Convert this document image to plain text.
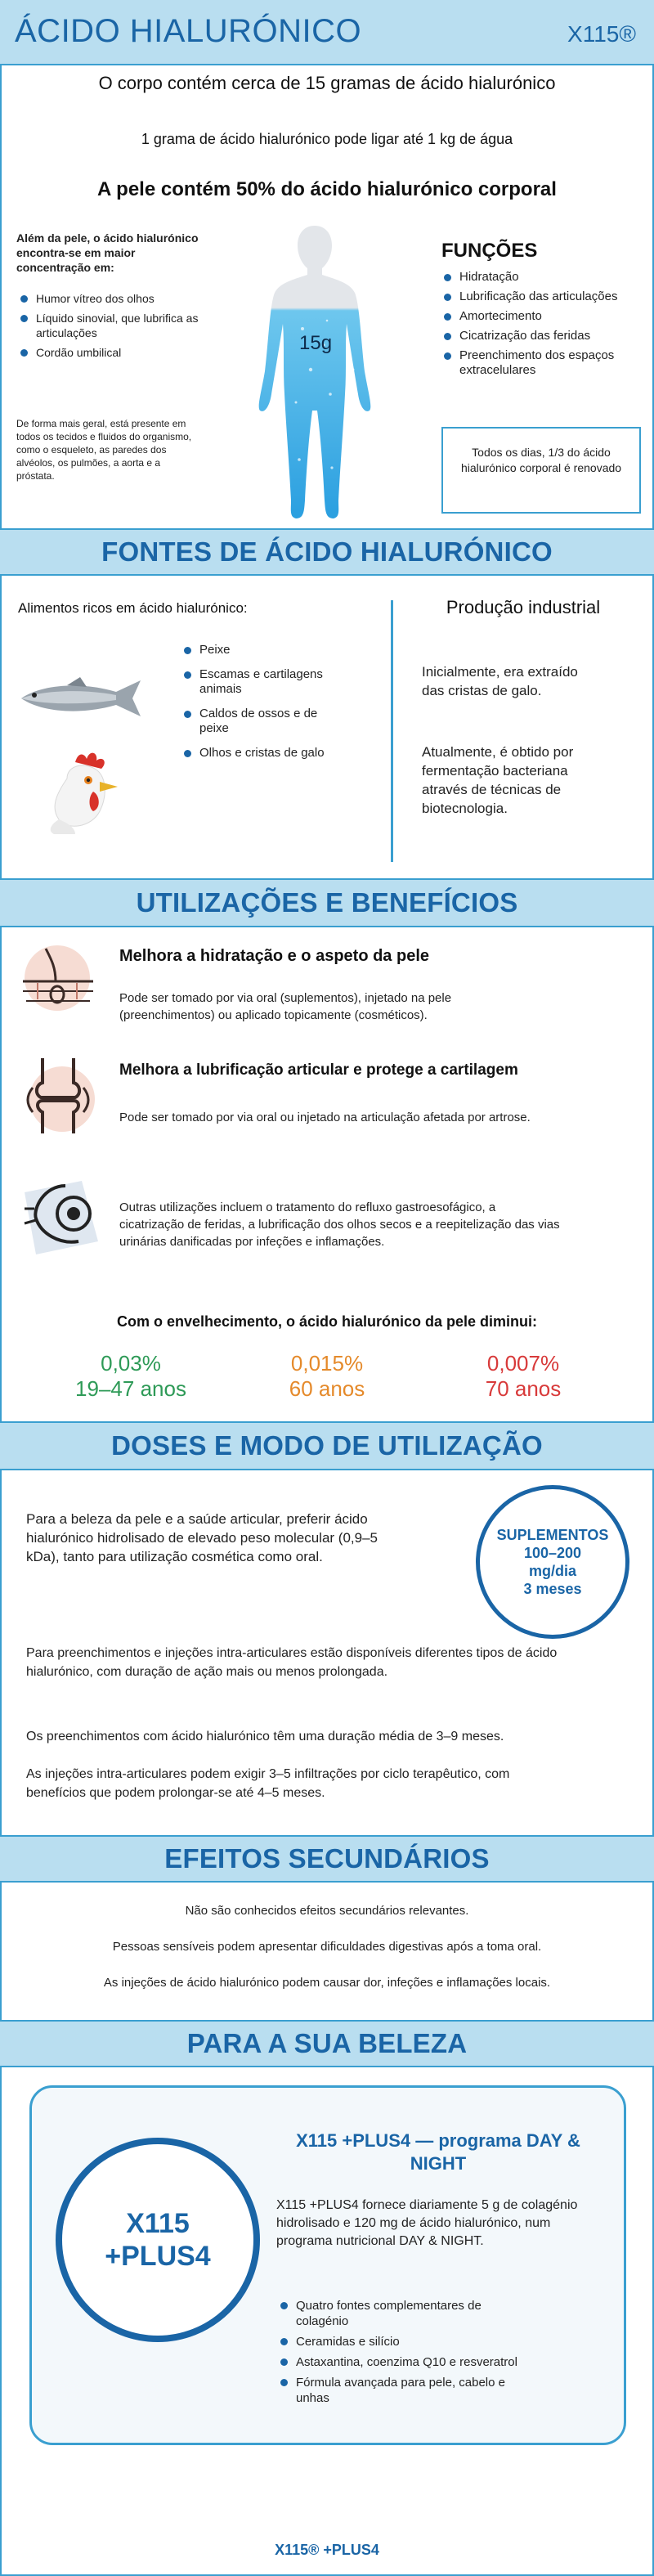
ÁCIDO HIALURÓNICO	X115®
O corpo contém cerca de 15 gramas de ácido hialurónico
1 grama de ácido hialurónico pode ligar até 1 kg de água
A pele contém 50% do ácido hialurónico corporal
Além da pele, o ácido hialurónico encontra-se em maior concentração em:
Humor vítreo dos olhos
Líquido sinovial, que lubrifica as articulações
Cordão umbilical
De forma mais geral, está presente em todos os tecidos e fluidos do organismo, como o esqueleto, as paredes dos alvéolos, os pulmões, a aorta e a próstata.
15g
FUNÇÕES
Hidratação
Lubrificação das articulações
Amortecimento
Cicatrização das feridas
Preenchimento dos espaços extracelulares
Todos os dias, 1/3 do ácido hialurónico corporal é renovado
FONTES DE ÁCIDO HIALURÓNICO
Alimentos ricos em ácido hialurónico:
Peixe
Escamas e cartilagens animais
Caldos de ossos e de peixe
Olhos e cristas de galo
Produção industrial
Inicialmente, era extraído das cristas de galo.
Atualmente, é obtido por fermentação bacteriana através de técnicas de biotecnologia.
UTILIZAÇÕES E BENEFÍCIOS
Melhora a hidratação e o aspeto da pele
Pode ser tomado por via oral (suplementos), injetado na pele (preenchimentos) ou aplicado topicamente (cosméticos).
Melhora a lubrificação articular e protege a cartilagem
Pode ser tomado por via oral ou injetado na articulação afetada por artrose.
Outras utilizações incluem o tratamento do refluxo gastroesofágico, a cicatrização de feridas, a lubrificação dos olhos secos e a reepitelização das vias urinárias danificadas por infeções e inflamações.
Com o envelhecimento, o ácido hialurónico da pele diminui:
0,03%
19–47 anos
0,015%
60 anos
0,007%
70 anos
DOSES E MODO DE UTILIZAÇÃO
Para a beleza da pele e a saúde articular, preferir ácido hialurónico hidrolisado de elevado peso molecular (0,9–5 kDa), tanto para utilização cosmética como oral.
SUPLEMENTOS
100–200
mg/dia
3 meses
Para preenchimentos e injeções intra-articulares estão disponíveis diferentes tipos de ácido hialurónico, com duração de ação mais ou menos prolongada.
Os preenchimentos com ácido hialurónico têm uma duração média de 3–9 meses.
As injeções intra-articulares podem exigir 3–5 infiltrações por ciclo terapêutico, com benefícios que podem prolongar-se até 4–5 meses.
EFEITOS SECUNDÁRIOS
Não são conhecidos efeitos secundários relevantes.
Pessoas sensíveis podem apresentar dificuldades digestivas após a toma oral.
As injeções de ácido hialurónico podem causar dor, infeções e inflamações locais.
PARA A SUA BELEZA
X115
+PLUS4
X115 +PLUS4 — programa DAY & NIGHT
X115 +PLUS4 fornece diariamente 5 g de colagénio hidrolisado e 120 mg de ácido hialurónico, num programa nutricional DAY & NIGHT.
Quatro fontes complementares de colagénio
Ceramidas e silício
Astaxantina, coenzima Q10 e resveratrol
Fórmula avançada para pele, cabelo e unhas
X115® +PLUS4
